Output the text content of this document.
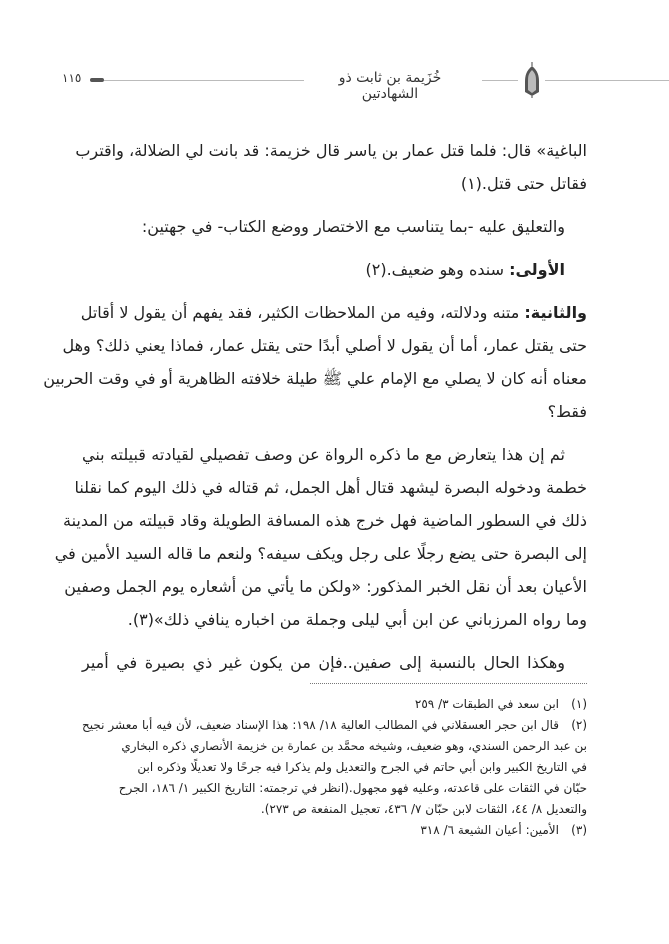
خُزَيمة بن ثابت ذو الشهادتين
١١٥
الباغية» قال: فلما قتل عمار بن ياسر قال خزيمة: قد بانت لي الضلالة، واقترب
فقاتل حتى قتل.(١)
والتعليق عليه -بما يتناسب مع الاختصار ووضع الكتاب- في جهتين:
الأولى: سنده وهو ضعيف.(٢)
والثانية: متنه ودلالته، وفيه من الملاحظات الكثير، فقد يفهم أن يقول لا أقاتل
حتى يقتل عمار، أما أن يقول لا أصلي أبدًا حتى يقتل عمار، فماذا يعني ذلك؟ وهل
معناه أنه كان لا يصلي مع الإمام علي ﷺ طيلة خلافته الظاهرية أو في وقت الحربين
فقط؟
ثم إن هذا يتعارض مع ما ذكره الرواة عن وصف تفصيلي لقيادته قبيلته بني
خطمة ودخوله البصرة ليشهد قتال أهل الجمل، ثم قتاله في ذلك اليوم كما نقلنا
ذلك في السطور الماضية فهل خرج هذه المسافة الطويلة وقاد قبيلته من المدينة
إلى البصرة حتى يضع رجلًا على رجل ويكف سيفه؟ ولنعم ما قاله السيد الأمين في
الأعيان بعد أن نقل الخبر المذكور: «ولكن ما يأتي من أشعاره يوم الجمل وصفين
وما رواه المرزباني عن ابن أبي ليلى وجملة من اخباره ينافي ذلك»(٣).
وهكذا الحال بالنسبة إلى صفين..فإن من يكون غير ذي بصيرة في أمير
(١)ابن سعد في الطبقات ٣/ ٢٥٩
(٢)قال ابن حجر العسقلاني في المطالب العالية ١٨/ ١٩٨: هذا الإسناد ضعيف، لأن فيه أبا معشر نجيح
بن عبد الرحمن السندي، وهو ضعيف، وشيخه محمَّد بن عمارة بن خزيمة الأنصاري ذكره البخاري
في التاريخ الكبير وابن أبي حاتم في الجرح والتعديل ولم يذكرا فيه جرحًا ولا تعديلًا وذكره ابن
حبّان في الثقات على قاعدته، وعليه فهو مجهول.(انظر في ترجمته: التاريخ الكبير ١/ ١٨٦، الجرح
والتعديل ٨/ ٤٤، الثقات لابن حبّان ٧/ ٤٣٦، تعجيل المنفعة ص ٢٧٣).
(٣)الأمين: أعيان الشيعة ٦/ ٣١٨
